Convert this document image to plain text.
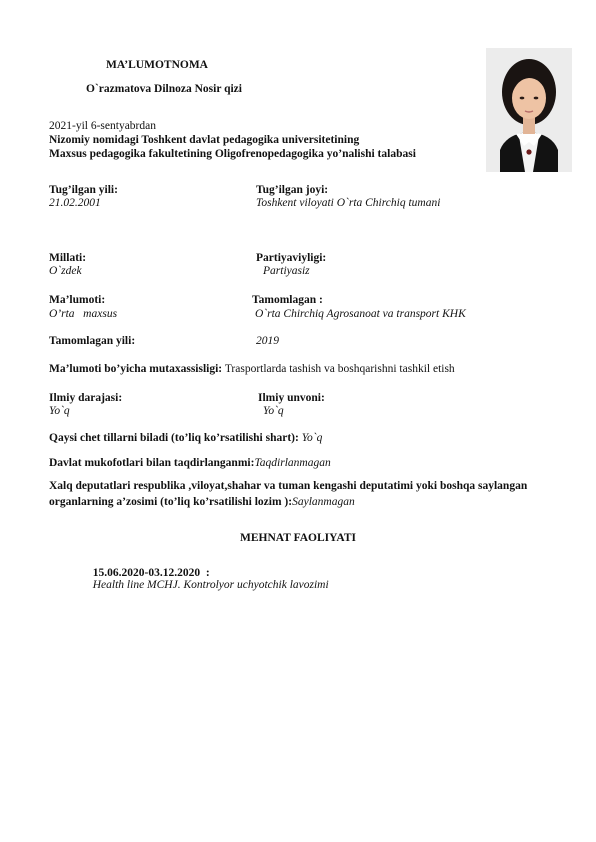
MA’LUMOTNOMA
O`razmatova Dilnoza Nosir qizi
2021-yil 6-sentyabrdan
Nizomiy nomidagi Toshkent davlat pedagogika universitetining
Maxsus pedagogika fakultetining Oligofrenopedagogika yo’nalishi talabasi
Tug’ilgan yili:
21.02.2001
Tug’ilgan joyi:
Toshkent viloyati O`rta Chirchiq tumani
Millati:
O`zdek
Partiyaviyligi:
Partiyasiz
Ma’lumoti:
O’rta   maxsus
Tamomlagan :
O`rta Chirchiq Agrosanoat va transport KHK
Tamomlagan yili:	2019
Ma’lumoti bo’yicha mutaxassisligi: Trasportlarda tashish va boshqarishni tashkil etish
Ilmiy darajasi:
Yo`q
Ilmiy unvoni:
Yo`q
Qaysi chet tillarni biladi (to’liq ko’rsatilishi shart): Yo`q
Davlat mukofotlari bilan taqdirlanganmi:Taqdirlanmagan
Xalq deputatlari respublika ,viloyat,shahar va tuman kengashi deputatimi yoki boshqa saylangan
organlarning a’zosimi (to’liq ko’rsatilishi lozim ):Saylanmagan
MEHNAT FAOLIYATI

15.06.2020-03.12.2020  :
Health line MCHJ. Kontrolyor uchyotchik lavozimi
